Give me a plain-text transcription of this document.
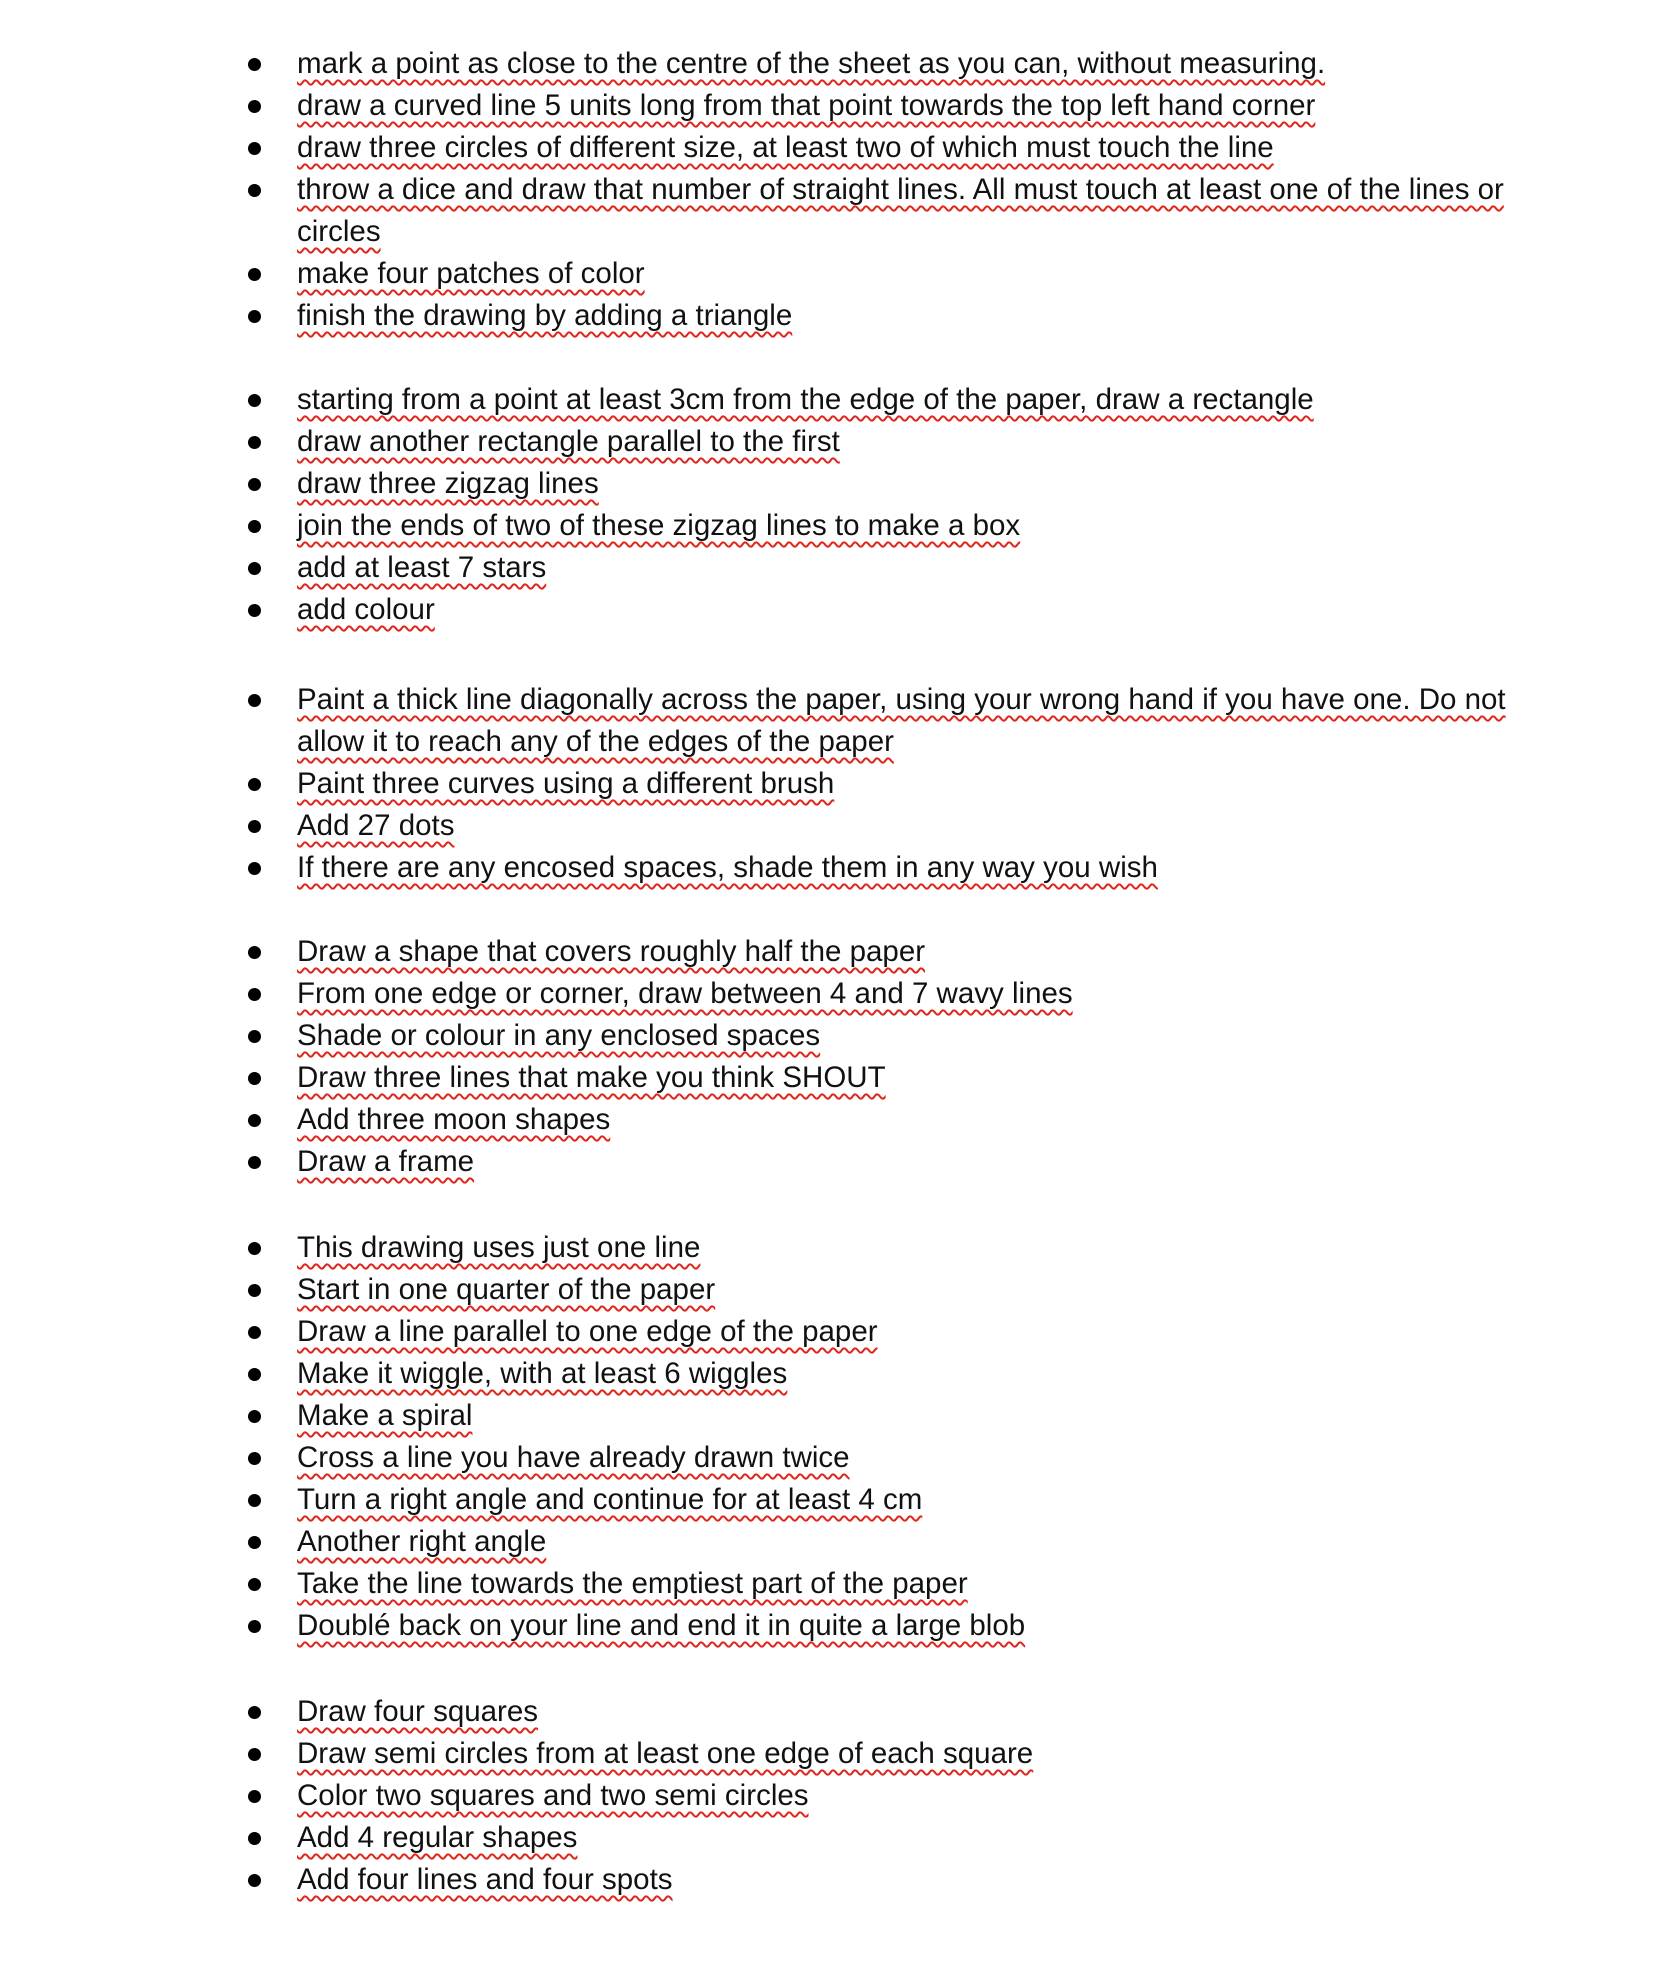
mark a point as close to the centre of the sheet as you can, without measuring.
draw a curved line 5 units long from that point towards the top left hand corner
draw three circles of different size, at least two of which must touch the line
throw a dice and draw that number of straight lines. All must touch at least one of the lines or circles
make four patches of color
finish the drawing by adding a triangle
starting from a point at least 3cm from the edge of the paper, draw a rectangle
draw another rectangle parallel to the first
draw three zigzag lines
join the ends of two of these zigzag lines to make a box
add at least 7 stars
add colour
Paint a thick line diagonally across the paper, using your wrong hand if you have one. Do not allow it to reach any of the edges of the paper
Paint three curves using a different brush
Add 27 dots
If there are any encosed spaces, shade them in any way you wish
Draw a shape that covers roughly half the paper
From one edge or corner, draw between 4 and 7 wavy lines
Shade or colour in any enclosed spaces
Draw three lines that make you think SHOUT
Add three moon shapes
Draw a frame
This drawing uses just one line
Start in one quarter of the paper
Draw a line parallel to one edge of the paper
Make it wiggle, with at least 6 wiggles
Make a spiral
Cross a line you have already drawn twice
Turn a right angle and continue for at least 4 cm
Another right angle
Take the line towards the emptiest part of the paper
Doublé back on your line and end it in quite a large blob
Draw four squares
Draw semi circles from at least one edge of each square
Color two squares and two semi circles
Add 4 regular shapes
Add four lines and four spots
